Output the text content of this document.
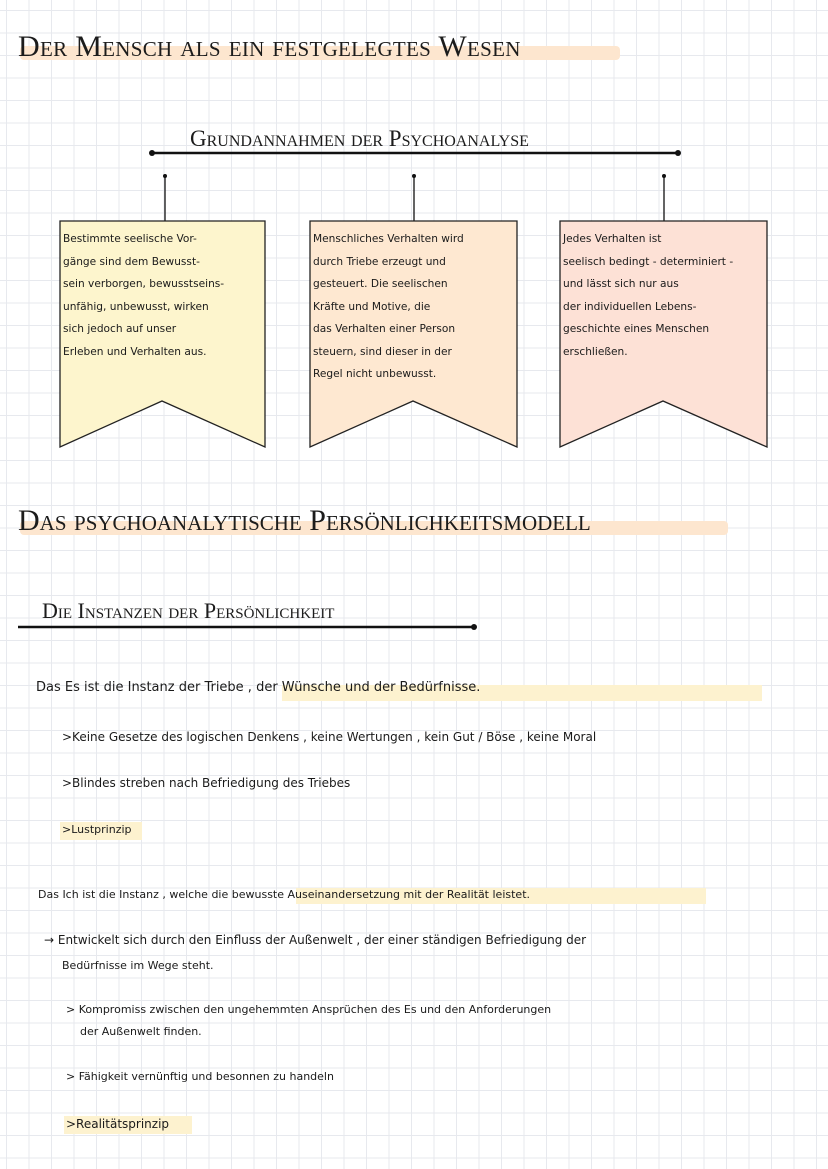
Der Mensch als ein festgelegtes Wesen
Grundannahmen der Psychoanalyse
Bestimmte seelische Vor-
gänge sind dem Bewusst-
sein verborgen, bewusstseins-
unfähig, unbewusst, wirken
sich jedoch auf unser
Erleben und Verhalten aus.
Menschliches Verhalten wird
durch Triebe erzeugt und
gesteuert. Die seelischen
Kräfte und Motive, die
das Verhalten einer Person
steuern, sind dieser in der
Regel nicht unbewusst.
Jedes Verhalten ist
seelisch bedingt - determiniert -
und lässt sich nur aus
der individuellen Lebens-
geschichte eines Menschen
erschließen.
Das psychoanalytische Persönlichkeitsmodell
Die Instanzen der Persönlichkeit
Das Es ist die Instanz der Triebe , der Wünsche und der Bedürfnisse.
>Keine Gesetze des logischen Denkens , keine Wertungen , kein Gut / Böse , keine Moral
>Blindes streben nach Befriedigung des Triebes
>Lustprinzip
Das Ich ist die Instanz , welche die bewusste Auseinandersetzung mit der Realität leistet.
→ Entwickelt sich durch den Einfluss der Außenwelt , der einer ständigen Befriedigung der
Bedürfnisse im Wege steht.
> Kompromiss zwischen den ungehemmten Ansprüchen des Es und den Anforderungen
der Außenwelt finden.
> Fähigkeit vernünftig und besonnen zu handeln
>Realitätsprinzip
